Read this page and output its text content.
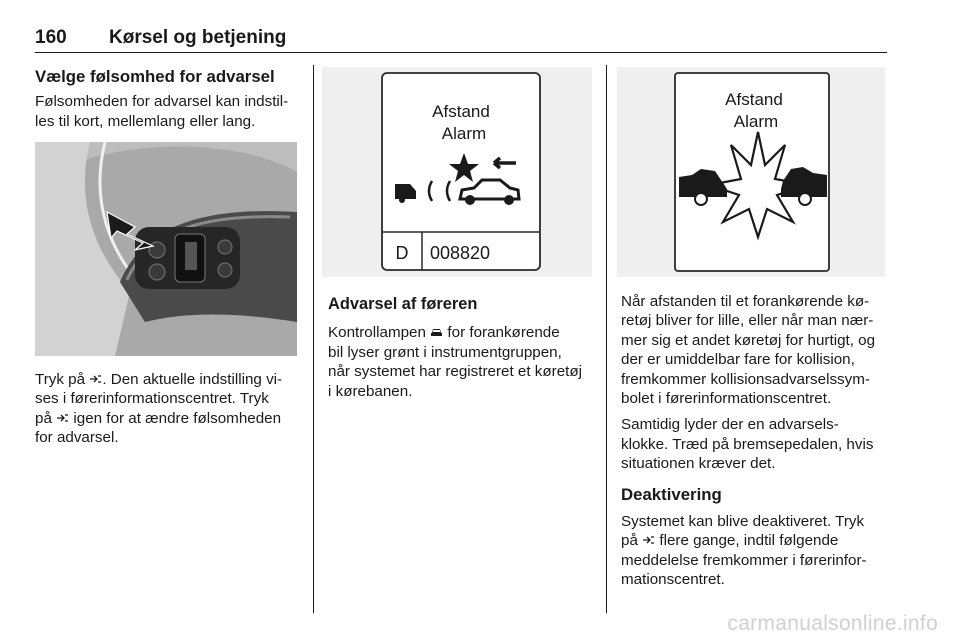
160 Kørsel og betjening
Vælge følsomhed for advarsel
Følsomheden for advarsel kan indstil-
les til kort, mellemlang eller lang.
Tryk på . Den aktuelle indstilling vi-
ses i førerinformationscentret. Tryk
på igen for at ændre følsomheden
for advarsel.
Afstand
Alarm
D 008820
Advarsel af føreren
Kontrollampen for forankørende
bil lyser grønt i instrumentgruppen,
når systemet har registreret et køretøj
i kørebanen.
Afstand
Alarm

Når afstanden til et forankørende kø-
retøj bliver for lille, eller når man nær-
mer sig et andet køretøj for hurtigt, og
der er umiddelbar fare for kollision,
fremkommer kollisionsadvarselssym-
bolet i førerinformationscentret.

Samtidig lyder der en advarsels-
klokke. Træd på bremsepedalen, hvis
situationen kræver det.

Deaktivering
Systemet kan blive deaktiveret. Tryk
på flere gange, indtil følgende
meddelelse fremkommer i førerinfor-
mationscentret.
carmanualsonline.info
